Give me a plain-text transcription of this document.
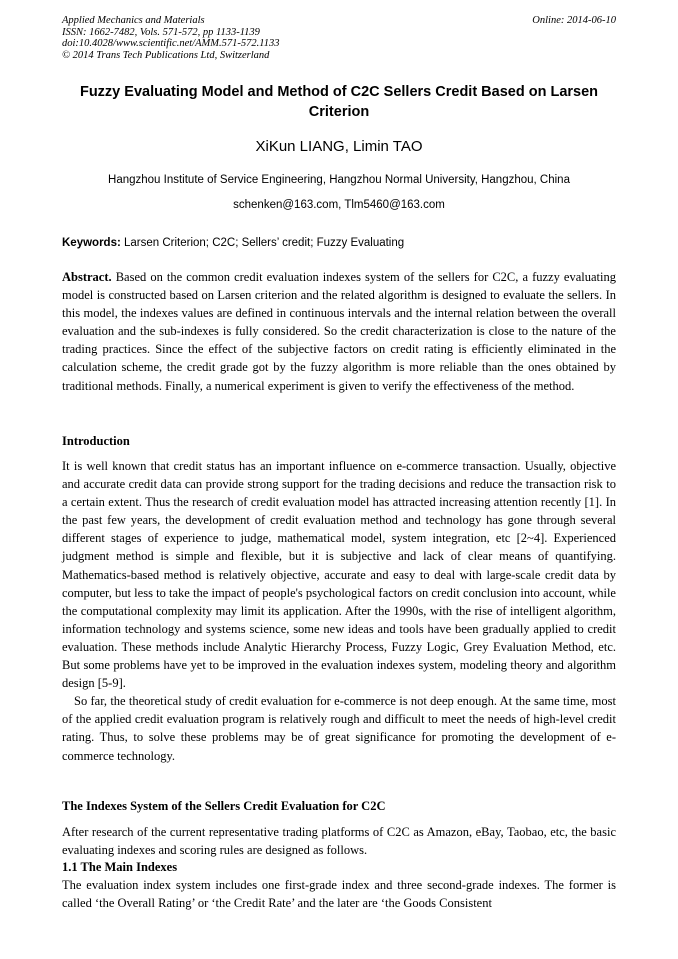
Applied Mechanics and Materials
ISSN: 1662-7482, Vols. 571-572, pp 1133-1139
doi:10.4028/www.scientific.net/AMM.571-572.1133
© 2014 Trans Tech Publications Ltd, Switzerland
Online: 2014-06-10
Fuzzy Evaluating Model and Method of C2C Sellers Credit Based on Larsen Criterion
XiKun LIANG, Limin TAO
Hangzhou Institute of Service Engineering, Hangzhou Normal University, Hangzhou, China
schenken@163.com, Tlm5460@163.com
Keywords: Larsen Criterion; C2C; Sellers’ credit; Fuzzy Evaluating
Abstract. Based on the common credit evaluation indexes system of the sellers for C2C, a fuzzy evaluating model is constructed based on Larsen criterion and the related algorithm is designed to evaluate the sellers. In this model, the indexes values are defined in continuous intervals and the internal relation between the overall evaluation and the sub-indexes is fully considered. So the credit characterization is close to the nature of the trading practices. Since the effect of the subjective factors on credit rating is efficiently eliminated in the calculation scheme, the credit grade got by the fuzzy algorithm is more reliable than the ones obtained by traditional methods. Finally, a numerical experiment is given to verify the effectiveness of the method.
Introduction

It is well known that credit status has an important influence on e-commerce transaction. Usually, objective and accurate credit data can provide strong support for the trading decisions and reduce the transaction risk to a certain extent. Thus the research of credit evaluation model has attracted increasing attention recently [1]. In the past few years, the development of credit evaluation method and technology has gone through several different stages of experience to judge, mathematical model, system integration, etc [2~4]. Experienced judgment method is simple and flexible, but it is subjective and lack of clear means of quantifying. Mathematics-based method is relatively objective, accurate and easy to deal with large-scale credit data by computer, but less to take the impact of people's psychological factors on credit conclusion into account, while the computational complexity may limit its application. After the 1990s, with the rise of intelligent algorithm, information technology and systems science, some new ideas and tools have been gradually applied to credit evaluation. These methods include Analytic Hierarchy Process, Fuzzy Logic, Grey Evaluation Method, etc. But some problems have yet to be improved in the evaluation indexes system, modeling theory and algorithm design [5-9].

So far, the theoretical study of credit evaluation for e-commerce is not deep enough. At the same time, most of the applied credit evaluation program is relatively rough and difficult to meet the needs of high-level credit rating. Thus, to solve these problems may be of great significance for promoting the development of e-commerce technology.

The Indexes System of the Sellers Credit Evaluation for C2C
After research of the current representative trading platforms of C2C as Amazon, eBay, Taobao, etc, the basic evaluating indexes and scoring rules are designed as follows.
1.1 The Main Indexes
The evaluation index system includes one first-grade index and three second-grade indexes. The former is called ‘the Overall Rating’ or ‘the Credit Rate’ and the later are ‘the Goods Consistent
